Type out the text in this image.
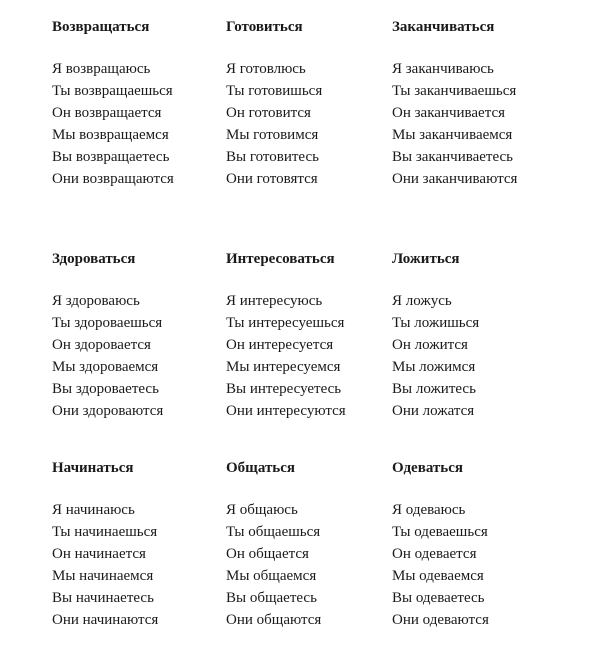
Возвращаться
Я возвращаюсь
Ты возвращаешься
Он возвращается
Мы возвращаемся
Вы возвращаетесь
Они возвращаются
Готовиться
Я готовлюсь
Ты готовишься
Он готовится
Мы готовимся
Вы готовитесь
Они готовятся
Заканчиваться
Я заканчиваюсь
Ты заканчиваешься
Он заканчивается
Мы заканчиваемся
Вы заканчиваетесь
Они заканчиваются
Здороваться
Я здороваюсь
Ты здороваешься
Он здоровается
Мы здороваемся
Вы здороваетесь
Они здороваются
Интересоваться
Я интересуюсь
Ты интересуешься
Он интересуется
Мы интересуемся
Вы интересуетесь
Они интересуются
Ложиться
Я ложусь
Ты ложишься
Он ложится
Мы ложимся
Вы ложитесь
Они ложатся
Начинаться
Я начинаюсь
Ты начинаешься
Он начинается
Мы начинаемся
Вы начинаетесь
Они начинаются
Общаться
Я общаюсь
Ты общаешься
Он общается
Мы общаемся
Вы общаетесь
Они общаются
Одеваться
Я одеваюсь
Ты одеваешься
Он одевается
Мы одеваемся
Вы одеваетесь
Они одеваются
